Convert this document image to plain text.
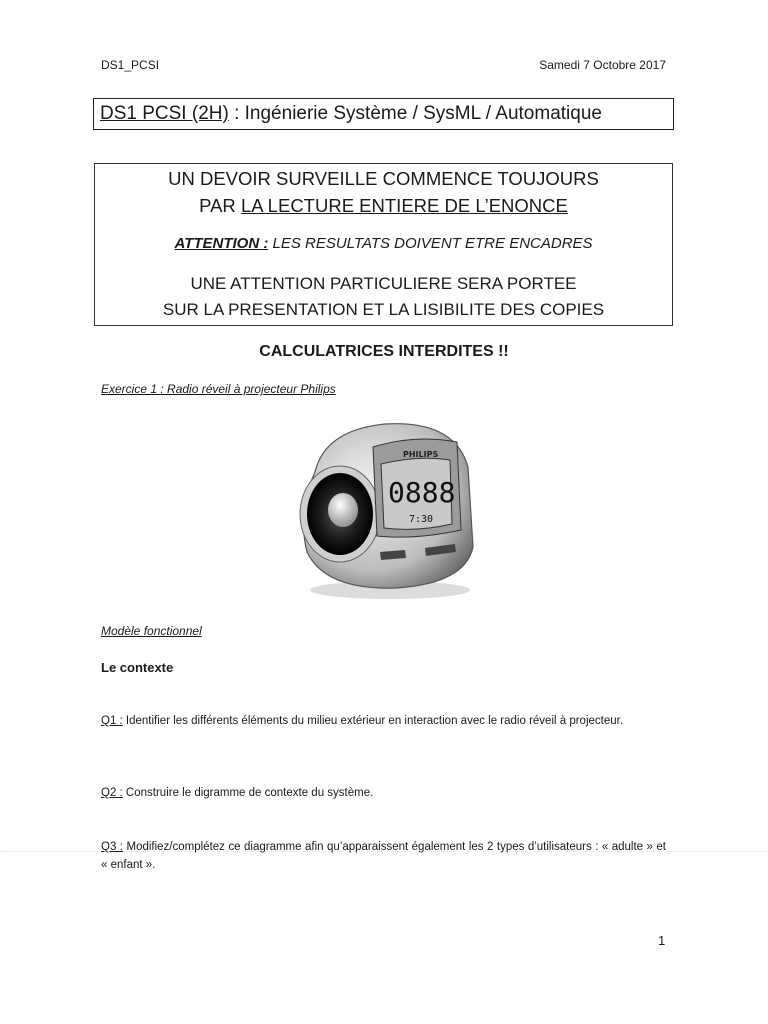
DS1_PCSI	Samedi 7 Octobre 2017
DS1 PCSI (2H) : Ingénierie Système / SysML / Automatique
UN DEVOIR SURVEILLE COMMENCE TOUJOURS
PAR LA LECTURE ENTIERE DE L’ENONCE
ATTENTION : LES RESULTATS DOIVENT ETRE ENCADRES
UNE ATTENTION PARTICULIERE SERA PORTEE
SUR LA PRESENTATION ET LA LISIBILITE DES COPIES
CALCULATRICES INTERDITES !!
Exercice 1 : Radio réveil à projecteur Philips
PHILIPS
0888
7:30
Modèle fonctionnel
Le contexte
Q1 : Identifier les différents éléments du milieu extérieur en interaction avec le radio réveil à projecteur.
Q2 : Construire le digramme de contexte du système.
Q3 : Modifiez/complétez ce diagramme afin qu’apparaissent également les 2 types d’utilisateurs : « adulte » et « enfant ».
1
